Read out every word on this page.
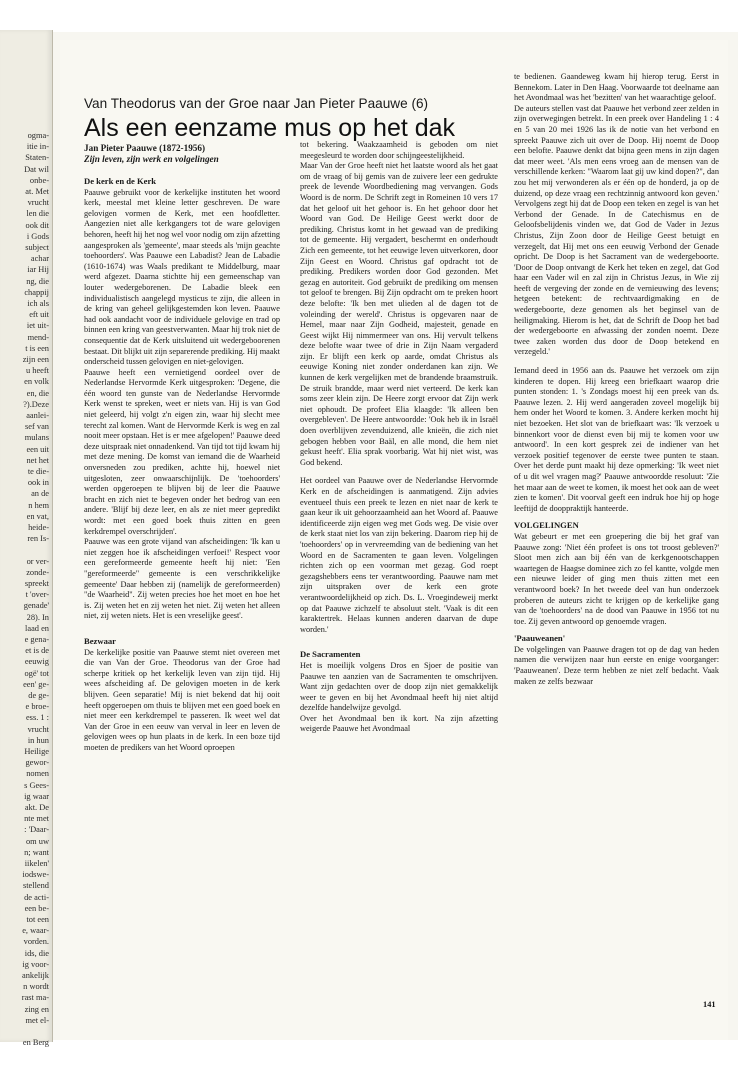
ogma-
itie in-
Staten-
Dat wil
onbe-
at. Met
vrucht
len die
ook dit
i Gods
subject
achar
iar Hij
ng, die
chappij
ich als
eft uit
iet uit-
mend-
t is een
zijn een
u heeft
en volk
en, die
?).Deze
aanlei-
sef van
mulans
een uit
net het
te die-
ook in
an de
n hem
en vat,
heide-
ren Is-
or ver-
zonde-
spreekt
t 'over-
genade'
28). In
laad en
e gena-
et is de
eeuwig
ogë' tot
een' ge-
de ge-
e broe-
ess. 1 :
vrucht
in hun
Heilige
gewor-
nomen
s Gees-
ig waar
akt. De
nte met
: 'Daar-
om uw
n; want
iikelen'
iodswe-
stellend
de acti-
een be-
tot een
e, waar-
vorden.
ids, die
ig voor-
ankelijk
n wordt
rast ma-
zing en
met el-
en Berg
Van Theodorus van der Groe naar Jan Pieter Paauwe (6)
Als een eenzame mus op het dak
Jan Pieter Paauwe (1872-1956)
Zijn leven, zijn werk en volgelingen
De kerk en de Kerk

Paauwe gebruikt voor de kerkelijke instituten het woord kerk, meestal met kleine letter geschreven. De ware gelovigen vormen de Kerk, met een hoofdletter. Aangezien niet alle kerkgangers tot de ware gelovigen behoren, heeft hij het nog wel voor nodig om zijn afzetting aangesproken als 'gemeente', maar steeds als 'mijn geachte toehoorders'. Was Paauwe een Labadist? Jean de Labadie (1610-1674) was Waals predikant te Middelburg, maar werd afgezet. Daarna stichtte hij een gemeenschap van louter wedergeborenen. De Labadie bleek een individualistisch aangelegd mysticus te zijn, die alleen in de kring van geheel gelijkgestemden kon leven. Paauwe had ook aandacht voor de individuele gelovige en trad op binnen een kring van geestverwanten. Maar hij trok niet de consequentie dat de Kerk uitsluitend uit wedergeboorenen bestaat. Dit blijkt uit zijn separerende prediking. Hij maakt onderscheid tussen gelovigen en niet-gelovigen.

Paauwe heeft een vernietigend oordeel over de Nederlandse Hervormde Kerk uitgesproken: 'Degene, die één woord ten gunste van de Nederlandse Hervormde Kerk wenst te spreken, weet er niets van. Hij is van God niet geleerd, hij volgt z'n eigen zin, waar hij slecht mee terecht zal komen. Want de Hervormde Kerk is weg en zal nooit meer opstaan. Het is er mee afgelopen!' Paauwe deed deze uitspraak niet onnadenkend. Van tijd tot tijd kwam hij met deze mening. De komst van iemand die de Waarheid onversneden zou prediken, achtte hij, hoewel niet uitgesloten, zeer onwaarschijnlijk. De 'toehoorders' werden opgeroepen te blijven bij de leer die Paauwe bracht en zich niet te begeven onder het bedrog van een andere. 'Blijf bij deze leer, en als ze niet meer gepredikt wordt: met een goed boek thuis zitten en geen kerkdrempel overschrijden'.

Paauwe was een grote vijand van afscheidingen: 'Ik kan u niet zeggen hoe ik afscheidingen verfoei!' Respect voor een gereformeerde gemeente heeft hij niet: 'Een "gereformeerde" gemeente is een verschrikkelijke gemeente' Daar hebben zij (namelijk de gereformeerden) "de Waarheid". Zij weten precies hoe het moet en hoe het is. Zij weten het en zij weten het niet. Zij weten het alleen niet, zij weten niets. Het is een vreselijke geest'.

Bezwaar

De kerkelijke positie van Paauwe stemt niet overeen met die van Van der Groe. Theodorus van der Groe had scherpe kritiek op het kerkelijk leven van zijn tijd. Hij wees afscheiding af. De gelovigen moeten in de kerk blijven. Geen separatie! Mij is niet bekend dat hij ooit heeft opgeroepen om thuis te blijven met een goed boek en niet meer een kerkdrempel te passeren. Ik weet wel dat Van der Groe in een eeuw van verval in leer en leven de gelovigen wees op hun plaats in de kerk. In een boze tijd moeten de predikers van het Woord oproepen

tot bekering. Waakzaamheid is geboden om niet meegesleurd te worden door schijngeestelijkheid.

Maar Van der Groe heeft niet het laatste woord als het gaat om de vraag of bij gemis van de zuivere leer een gedrukte preek de levende Woordbediening mag vervangen. Gods Woord is de norm. De Schrift zegt in Romeinen 10 vers 17 dat het geloof uit het gehoor is. En het gehoor door het Woord van God. De Heilige Geest werkt door de prediking. Christus komt in het gewaad van de prediking tot de gemeente. Hij vergadert, beschermt en onderhoudt Zich een gemeente, tot het eeuwige leven uitverkoren, door Zijn Geest en Woord. Christus gaf opdracht tot de prediking. Predikers worden door God gezonden. Met gezag en autoriteit. God gebruikt de prediking om mensen tot geloof te brengen. Bij Zijn opdracht om te preken hoort deze belofte: 'Ik ben met ulieden al de dagen tot de voleinding der wereld'. Christus is opgevaren naar de Hemel, maar naar Zijn Godheid, majesteit, genade en Geest wijkt Hij nimmermeer van ons. Hij vervult telkens deze belofte waar twee of drie in Zijn Naam vergaderd zijn. Er blijft een kerk op aarde, omdat Christus als eeuwige Koning niet zonder onderdanen kan zijn. We kunnen de kerk vergelijken met de brandende braamstruik. De struik brandde, maar werd niet verteerd. De kerk kan soms zeer klein zijn. De Heere zorgt ervoor dat Zijn werk niet ophoudt. De profeet Elia klaagde: 'Ik alleen ben overgebleven'. De Heere antwoordde: 'Ook heb ik in Israël doen overblijven zevenduizend, alle knieën, die zich niet gebogen hebben voor Baäl, en alle mond, die hem niet gekust heeft'. Elia sprak voorbarig. Wat hij niet wist, was God bekend.

Het oordeel van Paauwe over de Nederlandse Hervormde Kerk en de afscheidingen is aanmatigend. Zijn advies eventueel thuis een preek te lezen en niet naar de kerk te gaan keur ik uit gehoorzaamheid aan het Woord af. Paauwe identificeerde zijn eigen weg met Gods weg. De visie over de kerk staat niet los van zijn bekering. Daarom riep hij de 'toehoorders' op in vervreemding van de bediening van het Woord en de Sacramenten te gaan leven. Volgelingen richten zich op een voorman met gezag. God roept gezagshebbers eens ter verantwoording. Paauwe nam met zijn uitspraken over de kerk een grote verantwoordelijkheid op zich. Ds. L. Vroegindeweij merkt op dat Paauwe zichzelf te absoluut stelt. 'Vaak is dit een karaktertrek. Helaas kunnen anderen daarvan de dupe worden.'

De Sacramenten

Het is moeilijk volgens Dros en Sjoer de positie van Paauwe ten aanzien van de Sacramenten te omschrijven. Want zijn gedachten over de doop zijn niet gemakkelijk weer te geven en bij het Avondmaal heeft hij niet altijd dezelfde handelwijze gevolgd.

Over het Avondmaal ben ik kort. Na zijn afzetting weigerde Paauwe het Avondmaal

te bedienen. Gaandeweg kwam hij hierop terug. Eerst in Bennekom. Later in Den Haag. Voorwaarde tot deelname aan het Avondmaal was het 'bezitten' van het waarachtige geloof.

De auteurs stellen vast dat Paauwe het verbond zeer zelden in zijn overwegingen betrekt. In een preek over Handeling 1 : 4 en 5 van 20 mei 1926 las ik de notie van het verbond en spreekt Paauwe zich uit over de Doop. Hij noemt de Doop een belofte. Paauwe denkt dat bijna geen mens in zijn dagen dat meer weet. 'Als men eens vroeg aan de mensen van de verschillende kerken: "Waarom laat gij uw kind dopen?", dan zou het mij verwonderen als er één op de honderd, ja op de duizend, op deze vraag een rechtzinnig antwoord kon geven.' Vervolgens zegt hij dat de Doop een teken en zegel is van het Verbond der Genade. In de Catechismus en de Geloofsbelijdenis vinden we, dat God de Vader in Jezus Christus, Zijn Zoon door de Heilige Geest betuigt en verzegelt, dat Hij met ons een eeuwig Verbond der Genade opricht. De Doop is het Sacrament van de wedergeboorte. 'Door de Doop ontvangt de Kerk het teken en zegel, dat God haar een Vader wil en zal zijn in Christus Jezus, in Wie zij heeft de vergeving der zonde en de vernieuwing des levens; hetgeen betekent: de rechtvaardigmaking en de wedergeboorte, deze genomen als het beginsel van de heiligmaking. Hierom is het, dat de Schrift de Doop het bad der wedergeboorte en afwassing der zonden noemt. Deze twee zaken worden dus door de Doop betekend en verzegeld.'

Iemand deed in 1956 aan ds. Paauwe het verzoek om zijn kinderen te dopen. Hij kreeg een briefkaart waarop drie punten stonden: 1. 's Zondags moest hij een preek van ds. Paauwe lezen. 2. Hij werd aangeraden zoveel mogelijk bij hem onder het Woord te komen. 3. Andere kerken mocht hij niet bezoeken. Het slot van de briefkaart was: 'Ik verzoek u binnenkort voor de dienst even bij mij te komen voor uw antwoord'. In een kort gesprek zei de indiener van het verzoek positief tegenover de eerste twee punten te staan. Over het derde punt maakt hij deze opmerking: 'Ik weet niet of u dit wel vragen mag?' Paauwe antwoordde resoluut: 'Zie het maar aan de weet te komen, ik moest het ook aan de weet zien te komen'. Dit voorval geeft een indruk hoe hij op hoge leeftijd de dooppraktijk hanteerde.

VOLGELINGEN

Wat gebeurt er met een groepering die bij het graf van Paauwe zong: 'Niet één profeet is ons tot troost gebleven?' Sloot men zich aan bij één van de kerkgenootschappen waartegen de Haagse dominee zich zo fel kantte, volgde men een nieuwe leider of ging men thuis zitten met een verantwoord boek? In het tweede deel van hun onderzoek proberen de auteurs zicht te krijgen op de kerkelijke gang van de 'toehoorders' na de dood van Paauwe in 1956 tot nu toe. Zij geven antwoord op genoemde vragen.

'Paauweanen'

De volgelingen van Paauwe dragen tot op de dag van heden namen die verwijzen naar hun eerste en enige voorganger: 'Paauweanen'. Deze term hebben ze niet zelf bedacht. Vaak maken ze zelfs bezwaar

141
